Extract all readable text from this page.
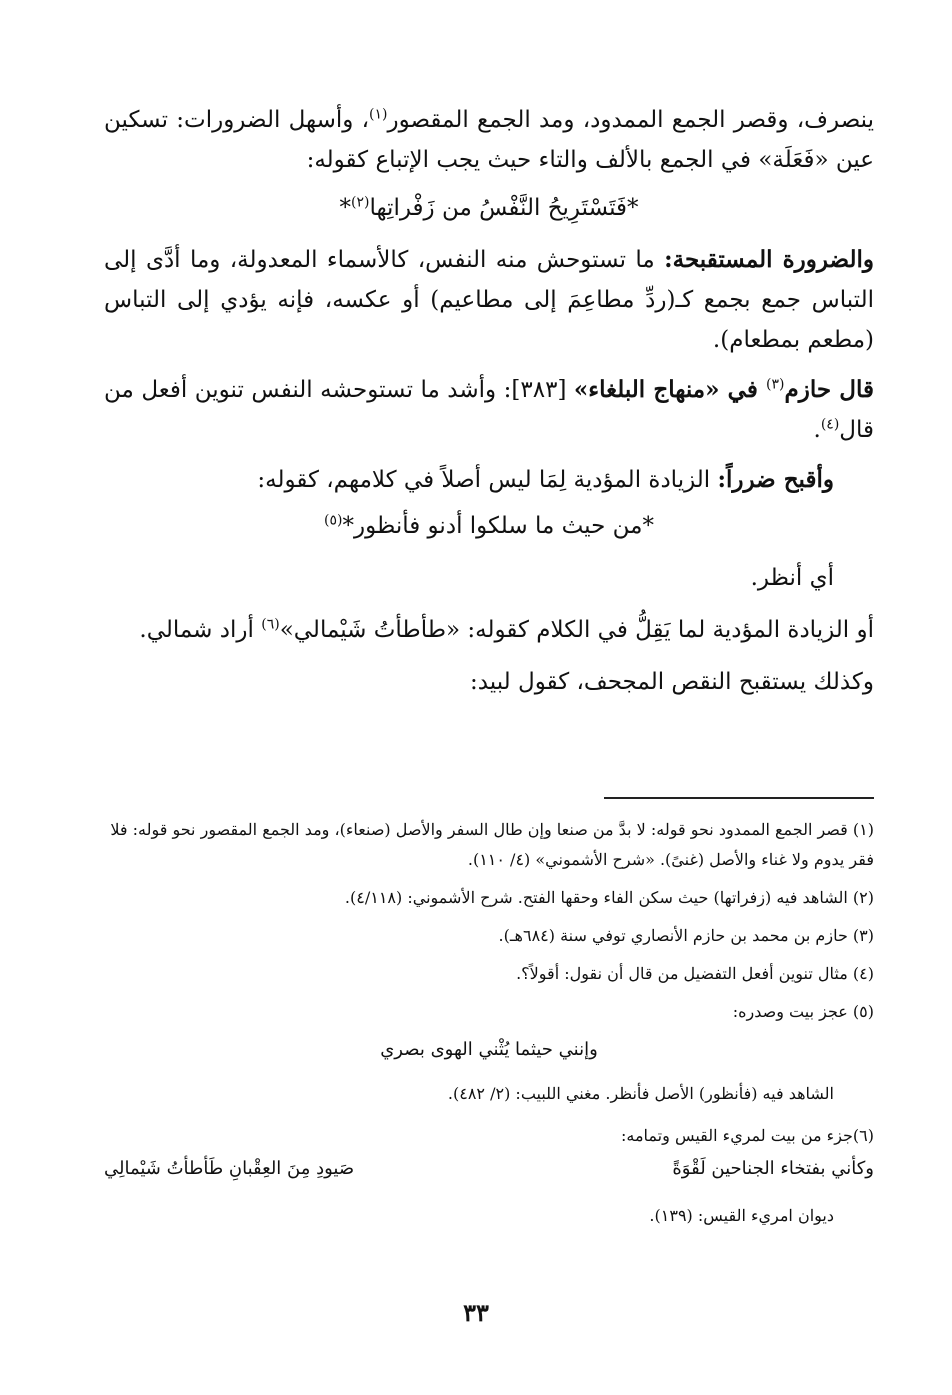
ينصرف، وقصر الجمع الممدود، ومد الجمع المقصور$^{(١)}$، وأسهل الضرورات: تسكين عين «فَعَلَة» في الجمع بالألف والتاء حيث يجب الإتباع كقوله:

*فَتَسْتَرِيحُ النَّفْسُ من زَفْراتِها$^{(٢)}$*

والضرورة المستقبحة: ما تستوحش منه النفس، كالأسماء المعدولة، وما أدَّى إلى التباس جمع بجمع كـ(ردِّ مطاعِمَ إلى مطاعيم) أو عكسه، فإنه يؤدي إلى التباس (مطعم بمطعام).

قال حازم$^{(٣)}$ في «منهاج البلغاء» [٣٨٣]: وأشد ما تستوحشه النفس تنوين أفعل من قال$^{(٤)}$.

وأقبح ضرراً: الزيادة المؤدية لِمَا ليس أصلاً في كلامهم، كقوله:

*من حيث ما سلكوا أدنو فأنظور*$^{(٥)}$

أي أنظر.

أو الزيادة المؤدية لما يَقِلُّ في الكلام كقوله: «طأطأتُ شَيْمالي»$^{(٦)}$ أراد شمالي.

وكذلك يستقبح النقص المجحف، كقول لبيد:

(١) قصر الجمع الممدود نحو قوله: لا بدَّ من صنعا وإن طال السفر والأصل (صنعاء)، ومد الجمع المقصور نحو قوله: فلا فقر يدوم ولا غناء والأصل (غنىً). «شرح الأشموني» (٤/ ١١٠).

(٢) الشاهد فيه (زفراتها) حيث سكن الفاء وحقها الفتح. شرح الأشموني: (٤/١١٨).

(٣) حازم بن محمد بن حازم الأنصاري توفي سنة (٦٨٤هـ).

(٤) مثال تنوين أفعل التفضيل من قال أن نقول: أقولاً؟.

(٥) عجز بيت وصدره:

وإنني حيثما يُثْني الهوى بصري

الشاهد فيه (فأنظور) الأصل فأنظر. مغني اللبيب: (٢/ ٤٨٢).

(٦)جزء من بيت لمريء القيس وتمامه:

وكأني بفتخاء الجناحين لَقْوَةً
صَيودِ مِنَ العِقْبانِ طَأطأتُ شَيْمالِي

ديوان امريء القيس: (١٣٩).

٣٣
